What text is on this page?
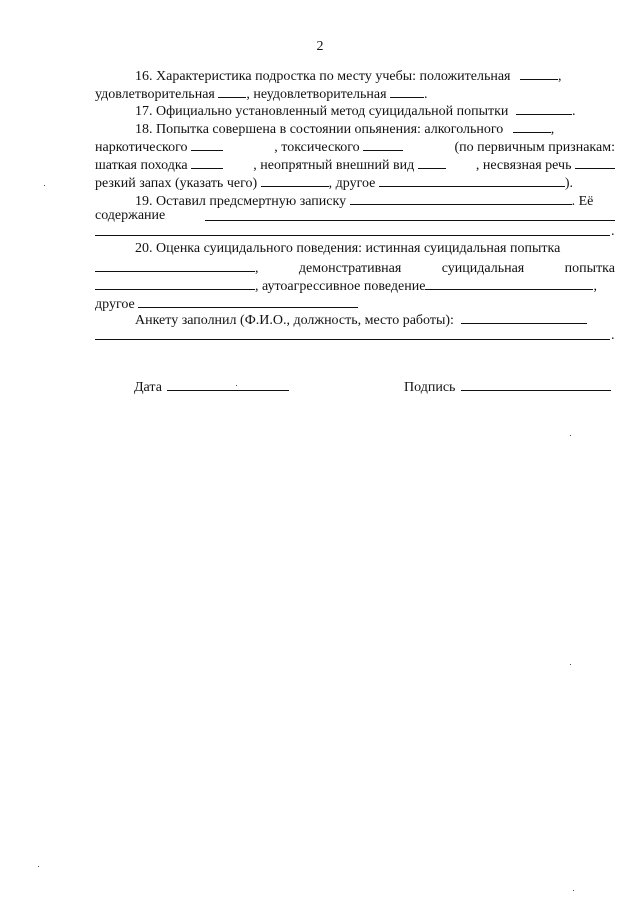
2
16. Характеристика подростка по месту учебы: положительная	,
удовлетворительная , неудовлетворительная	.
17. Официально установленный метод суицидальной попытки	.
18. Попытка совершена в состоянии опьянения: алкогольного	,
наркотического	, токсического	(по первичным признакам:
шаткая походка	, неопрятный внешний вид	, несвязная речь
резкий запах (указать чего)	, другое	).
19. Оставил предсмертную записку	. Её
содержание
.
20. Оценка суицидального поведения: истинная суицидальная попытка
,	демонстративная	суицидальная	попытка
, аутоагрессивное поведение	,
другое
Анкету заполнил (Ф.И.О., должность, место работы):
.
Дата	Подпись
